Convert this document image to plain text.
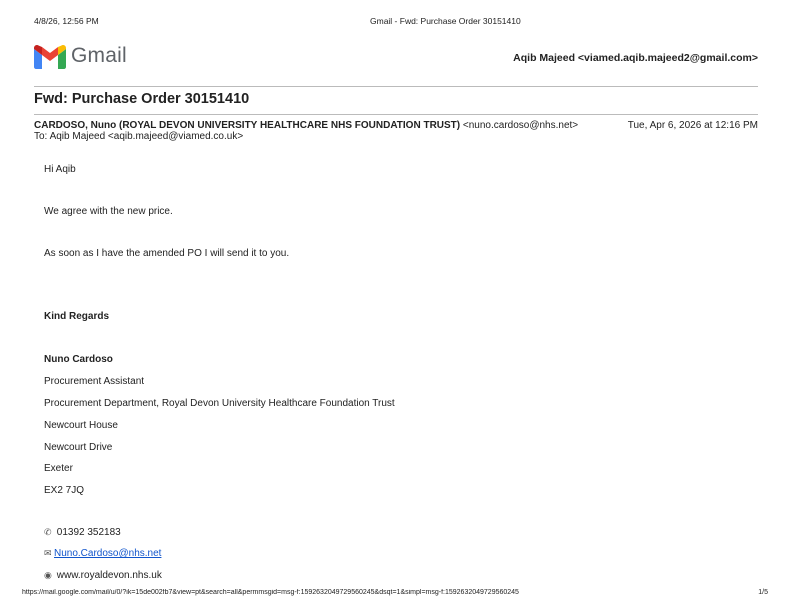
4/8/26, 12:56 PM	Gmail - Fwd: Purchase Order 30151410
Gmail	Aqib Majeed <viamed.aqib.majeed2@gmail.com>
Fwd: Purchase Order 30151410
CARDOSO, Nuno (ROYAL DEVON UNIVERSITY HEALTHCARE NHS FOUNDATION TRUST) <nuno.cardoso@nhs.net>	Tue, Apr 6, 2026 at 12:16 PM
To: Aqib Majeed <aqib.majeed@viamed.co.uk>
Hi Aqib
We agree with the new price.
As soon as I have the amended PO I will send it to you.
Kind Regards
Nuno Cardoso
Procurement Assistant
Procurement Department, Royal Devon University Healthcare Foundation Trust
Newcourt House
Newcourt Drive
Exeter
EX2 7JQ
✆ 01392 352183
✉ Nuno.Cardoso@nhs.net
◉ www.royaldevon.nhs.uk
https://mail.google.com/mail/u/0/?ik=15de002fb7&view=pt&search=all&permmsgid=msg-f:1592632049729560245&dsqt=1&simpl=msg-f:1592632049729560245	1/5
